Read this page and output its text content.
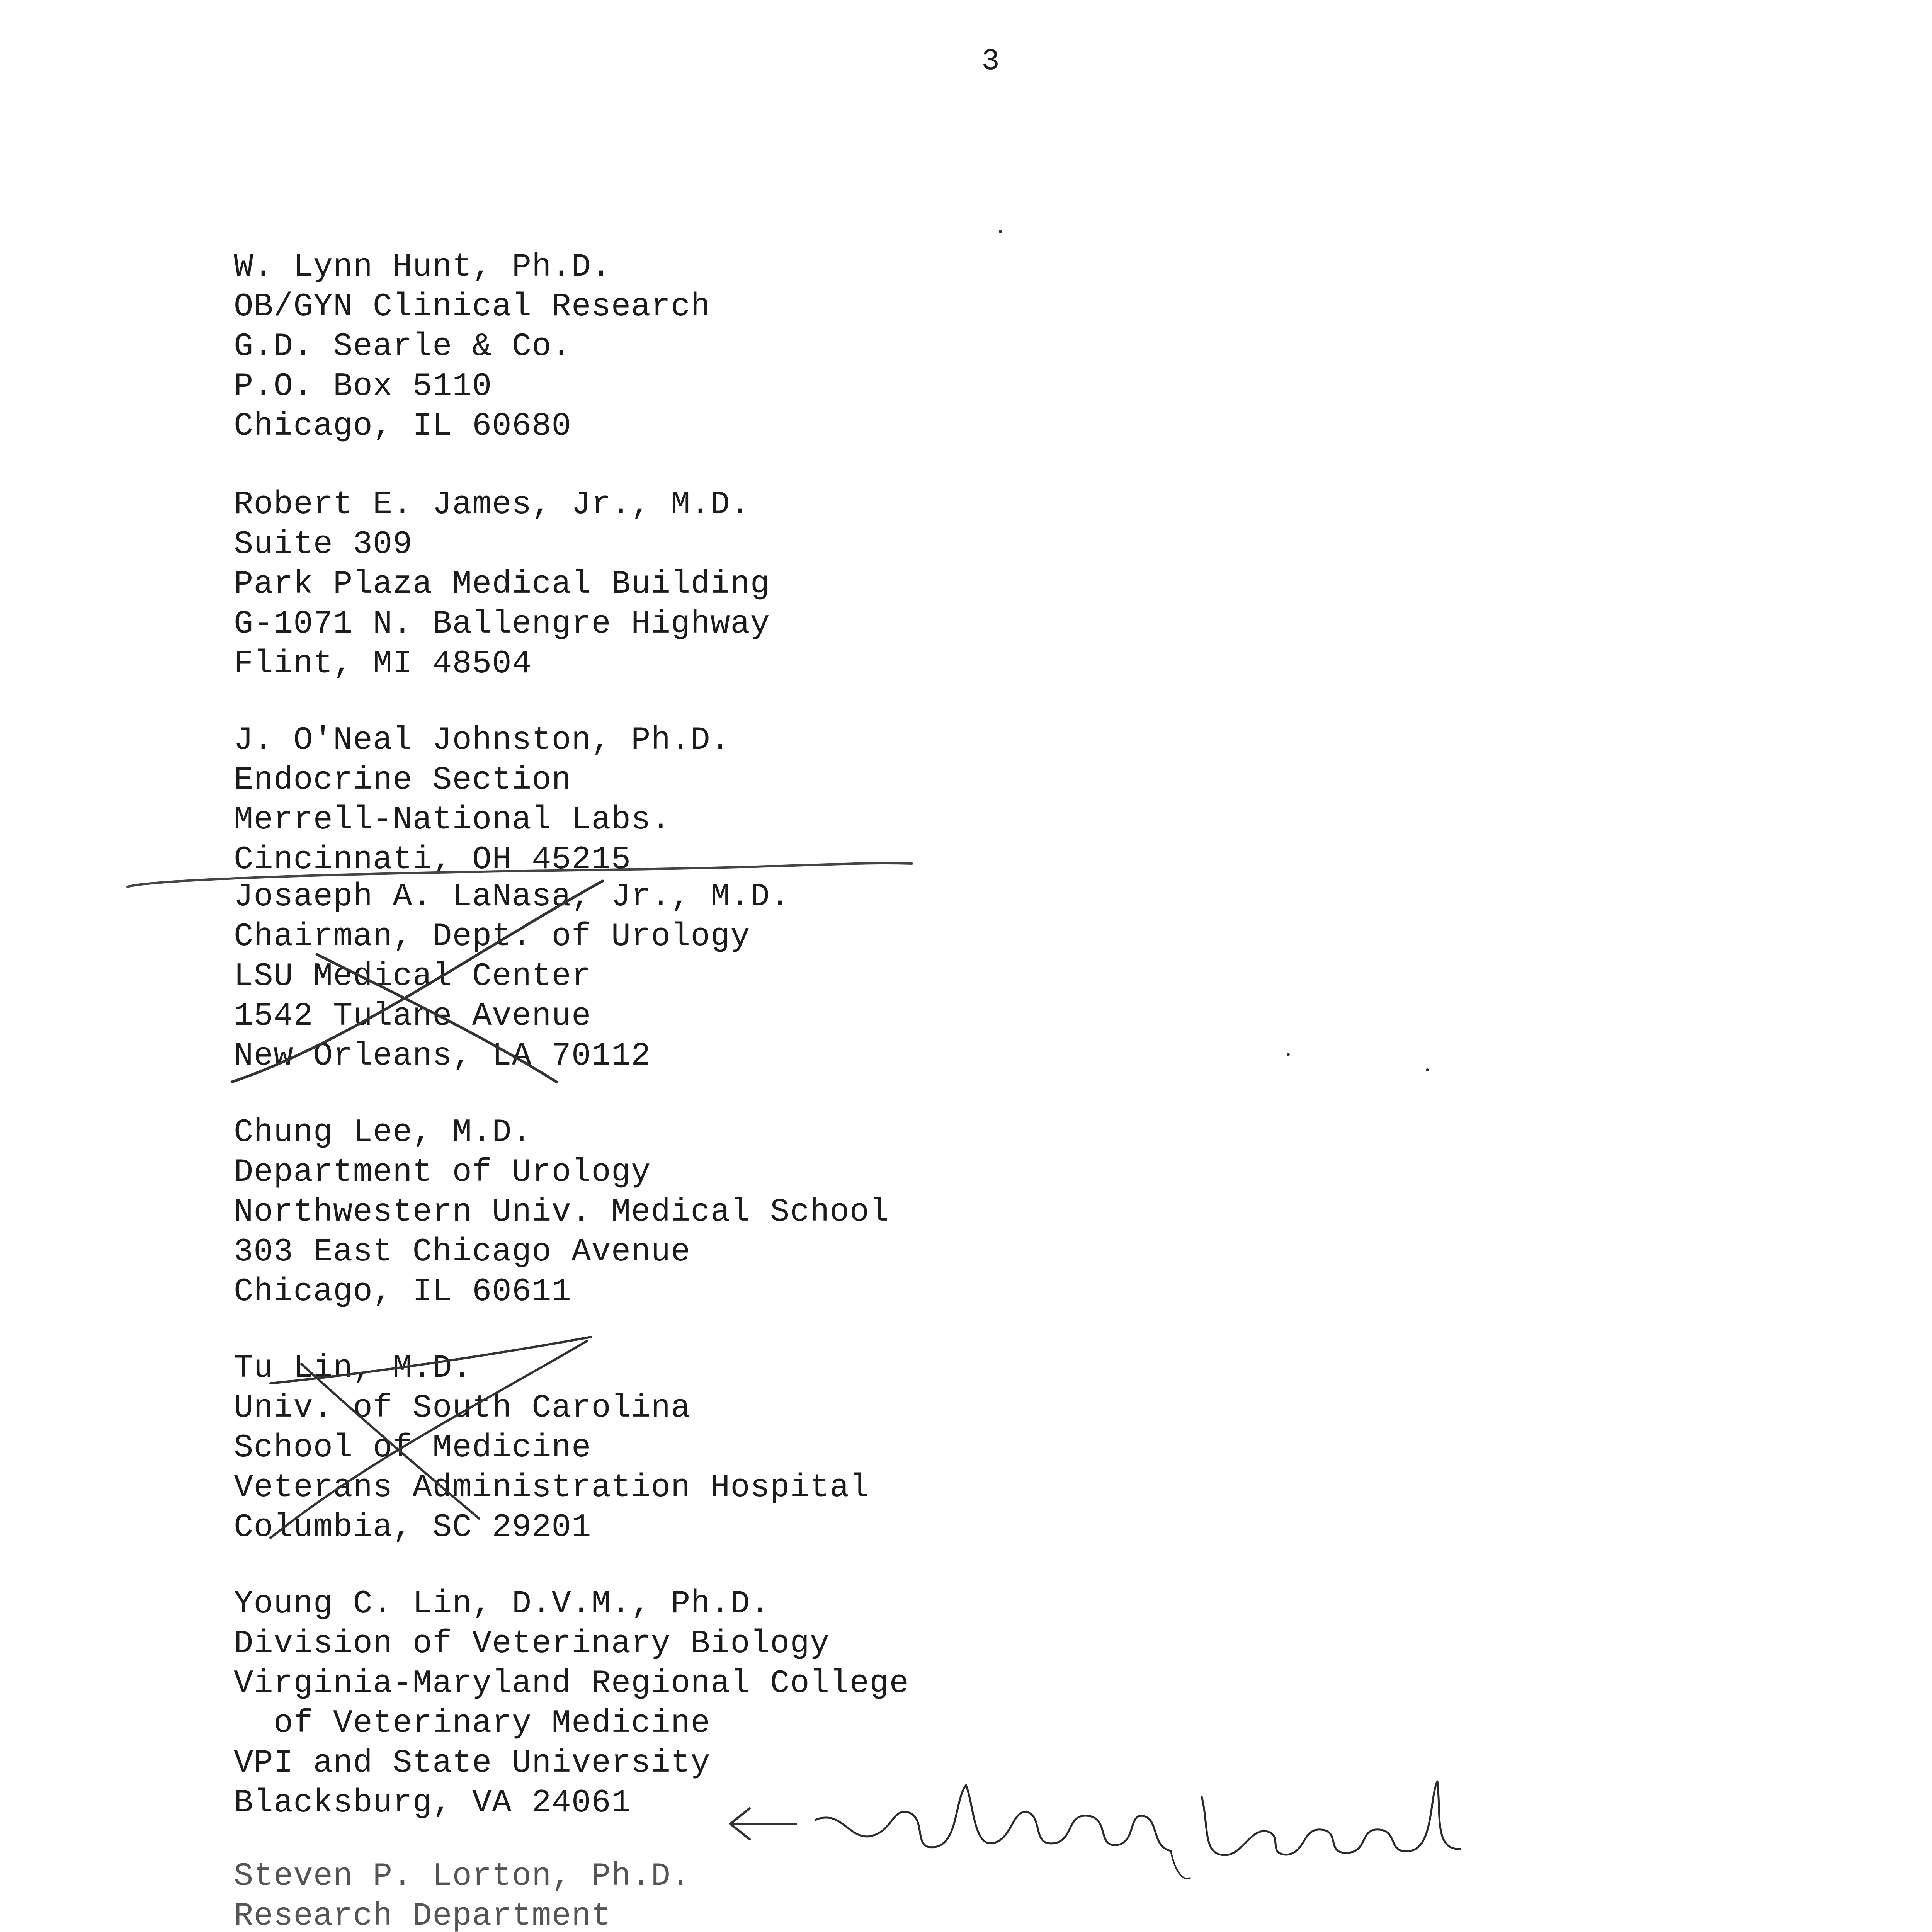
3
W. Lynn Hunt, Ph.D.
OB/GYN Clinical Research
G.D. Searle & Co.
P.O. Box 5110
Chicago, IL 60680
Robert E. James, Jr., M.D.
Suite 309
Park Plaza Medical Building
G-1071 N. Ballengre Highway
Flint, MI 48504
J. O'Neal Johnston, Ph.D.
Endocrine Section
Merrell-National Labs.
Cincinnati, OH 45215
Josaeph A. LaNasa, Jr., M.D.
Chairman, Dept. of Urology
LSU Medical Center
1542 Tulane Avenue
New Orleans, LA 70112
Chung Lee, M.D.
Department of Urology
Northwestern Univ. Medical School
303 East Chicago Avenue
Chicago, IL 60611
Tu Lin, M.D.
Univ. of South Carolina
School of Medicine
Veterans Administration Hospital
Columbia, SC 29201
Young C. Lin, D.V.M., Ph.D.
Division of Veterinary Biology
Virginia-Maryland Regional College
of Veterinary Medicine
VPI and State University
Blacksburg, VA 24061
Steven P. Lorton, Ph.D.
Research Department
